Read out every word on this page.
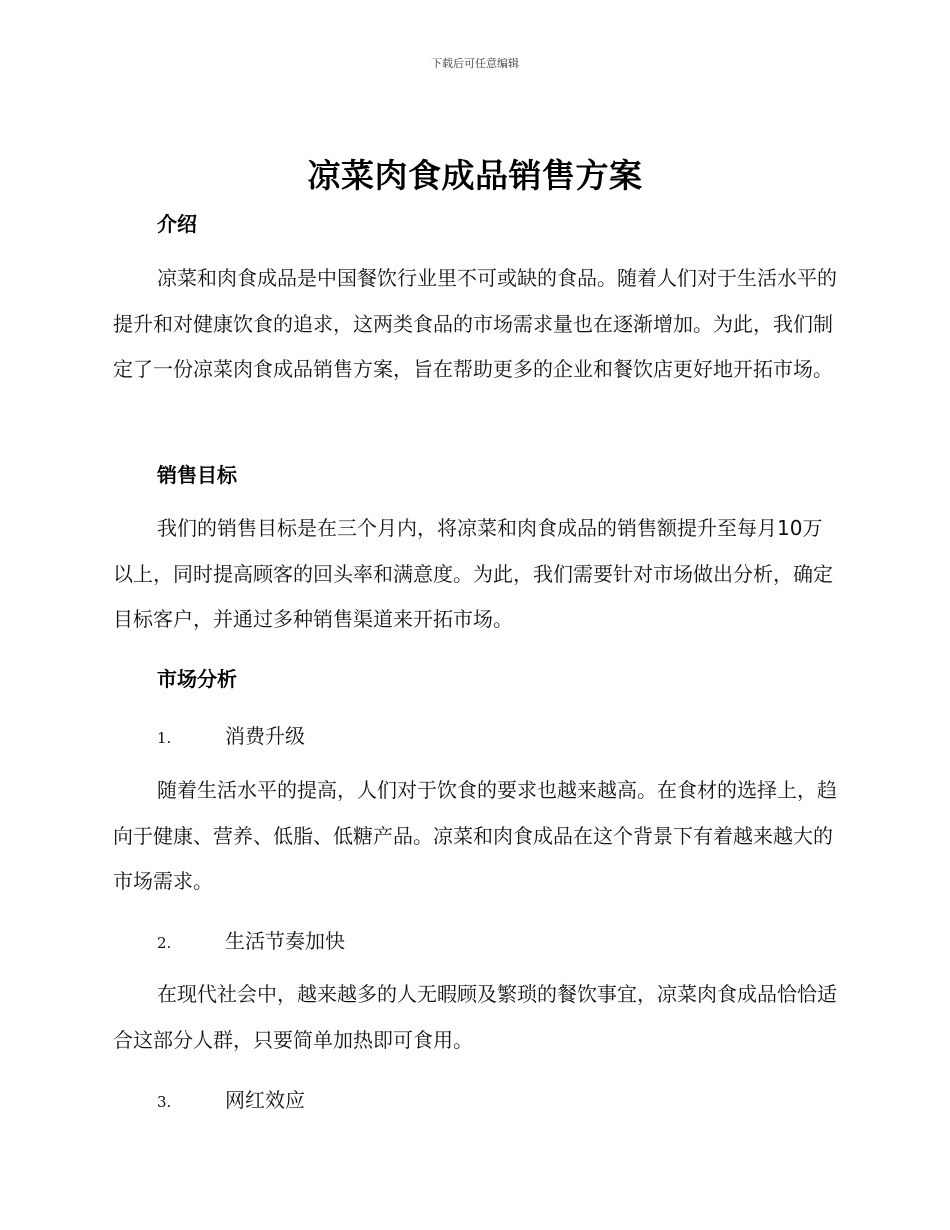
下载后可任意编辑
凉菜肉食成品销售方案
介绍

凉菜和肉食成品是中国餐饮行业里不可或缺的食品。随着人们对于生活水平的提升和对健康饮食的追求，这两类食品的市场需求量也在逐渐增加。为此，我们制定了一份凉菜肉食成品销售方案，旨在帮助更多的企业和餐饮店更好地开拓市场。

销售目标

我们的销售目标是在三个月内，将凉菜和肉食成品的销售额提升至每月10万以上，同时提高顾客的回头率和满意度。为此，我们需要针对市场做出分析，确定目标客户，并通过多种销售渠道来开拓市场。

市场分析
1.	消费升级

随着生活水平的提高，人们对于饮食的要求也越来越高。在食材的选择上，趋向于健康、营养、低脂、低糖产品。凉菜和肉食成品在这个背景下有着越来越大的市场需求。

2.	生活节奏加快

在现代社会中，越来越多的人无暇顾及繁琐的餐饮事宜，凉菜肉食成品恰恰适合这部分人群，只要简单加热即可食用。

3.	网红效应
